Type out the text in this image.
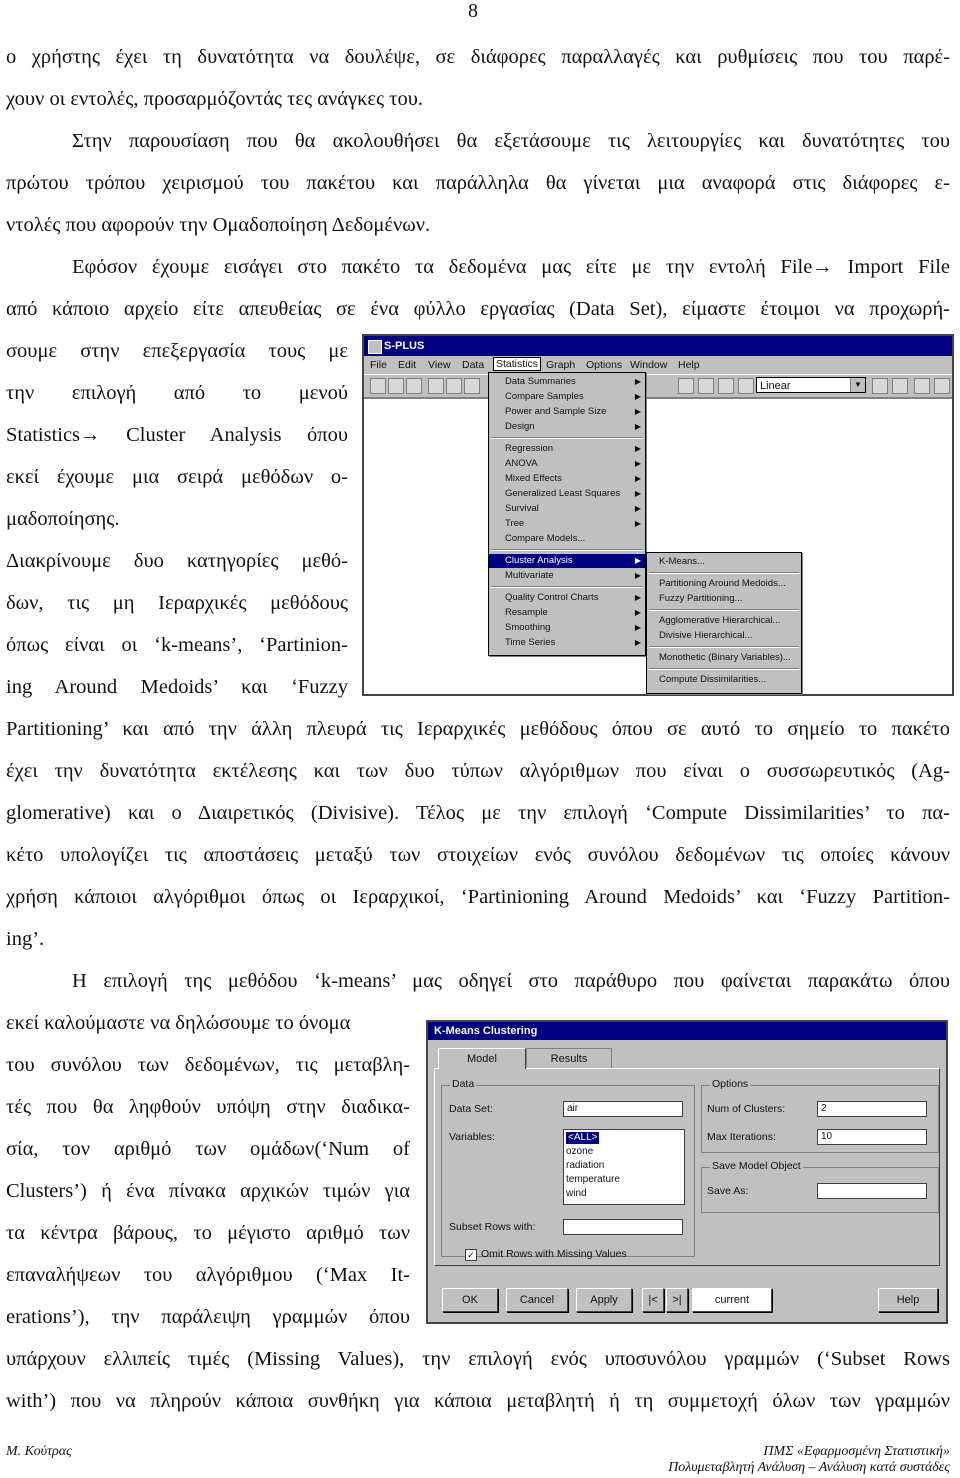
8
ο χρήστης έχει τη δυνατότητα να δουλέψε, σε διάφορες παραλλαγές και ρυθμίσεις που του παρέ-
χουν οι εντολές, προσαρμόζοντάς τες ανάγκες του.
Στην παρουσίαση που θα ακολουθήσει θα εξετάσουμε τις λειτουργίες και δυνατότητες του
πρώτου τρόπου χειρισμού του πακέτου και παράλληλα θα γίνεται μια αναφορά στις διάφορες ε-
ντολές που αφορούν την Ομαδοποίηση Δεδομένων.
Εφόσον έχουμε εισάγει στο πακέτο τα δεδομένα μας είτε με την εντολή File→ Import File
από κάποιο αρχείο είτε απευθείας σε ένα φύλλο εργασίας (Data Set), είμαστε έτοιμοι να προχωρή-
σουμε στην επεξεργασία τους με
την επιλογή από το μενού
Statistics→ Cluster Analysis όπου
εκεί έχουμε μια σειρά μεθόδων ο-
μαδοποίησης.
Διακρίνουμε δυο κατηγορίες μεθό-
δων, τις μη Ιεραρχικές μεθόδους
όπως είναι οι ‘k-means’, ‘Partinion-
ing Around Medoids’ και ‘Fuzzy
Partitioning’ και από την άλλη πλευρά τις Ιεραρχικές μεθόδους όπου σε αυτό το σημείο το πακέτο
έχει την δυνατότητα εκτέλεσης και των δυο τύπων αλγόριθμων που είναι ο συσσωρευτικός (Ag-
glomerative) και ο Διαιρετικός (Divisive). Τέλος με την επιλογή ‘Compute Dissimilarities’ το πα-
κέτο υπολογίζει τις αποστάσεις μεταξύ των στοιχείων ενός συνόλου δεδομένων τις οποίες κάνουν
χρήση κάποιοι αλγόριθμοι όπως οι Ιεραρχικοί, ‘Partinioning Around Medoids’ και ‘Fuzzy Partition-
ing’.
Η επιλογή της μεθόδου ‘k-means’ μας οδηγεί στο παράθυρο που φαίνεται παρακάτω όπου
εκεί καλούμαστε να δηλώσουμε το όνομα
του συνόλου των δεδομένων, τις μεταβλη-
τές που θα ληφθούν υπόψη στην διαδικα-
σία, τον αριθμό των ομάδων(‘Num of
Clusters’) ή ένα πίνακα αρχικών τιμών για
τα κέντρα βάρους, το μέγιστο αριθμό των
επαναλήψεων του αλγόριθμου (‘Max It-
erations’), την παράλειψη γραμμών όπου
υπάρχουν ελλιπείς τιμές (Missing Values), την επιλογή ενός υποσυνόλου γραμμών (‘Subset Rows
with’) που να πληρούν κάποια συνθήκη για κάποια μεταβλητή ή τη συμμετοχή όλων των γραμμών
S-PLUS
File Edit View Data Statistics Graph Options Window Help
Linear	▼
Data Summaries	▶
Compare Samples	▶
Power and Sample Size	▶
Design	▶
Regression	▶
ANOVA	▶
Mixed Effects	▶
Generalized Least Squares ▶
Survival	▶
Tree	▶
Compare Models...
Cluster Analysis	▶
Multivariate	▶
Quality Control Charts	▶
Resample	▶
Smoothing	▶
Time Series	▶
K-Means...
Partitioning Around Medoids...
Fuzzy Partitioning...
Agglomerative Hierarchical...
Divisive Hierarchical...
Monothetic (Binary Variables)...
Compute Dissimilarities...
K-Means Clustering
Model	Results
Data
Data Set:	air
Variables:	<ALL>
ozone
radiation
temperature
wind
Subset Rows with:
✓ Omit Rows with Missing Values
Options
Num of Clusters:	2
Max Iterations:	10
Save Model Object
Save As:
OK	Cancel	Apply	|<	>|	current	Help
Μ. Κούτρας	ΠΜΣ «Εφαρμοσμένη Στατιστική»
Πολυμεταβλητή Ανάλυση – Ανάλυση κατά συστάδες
